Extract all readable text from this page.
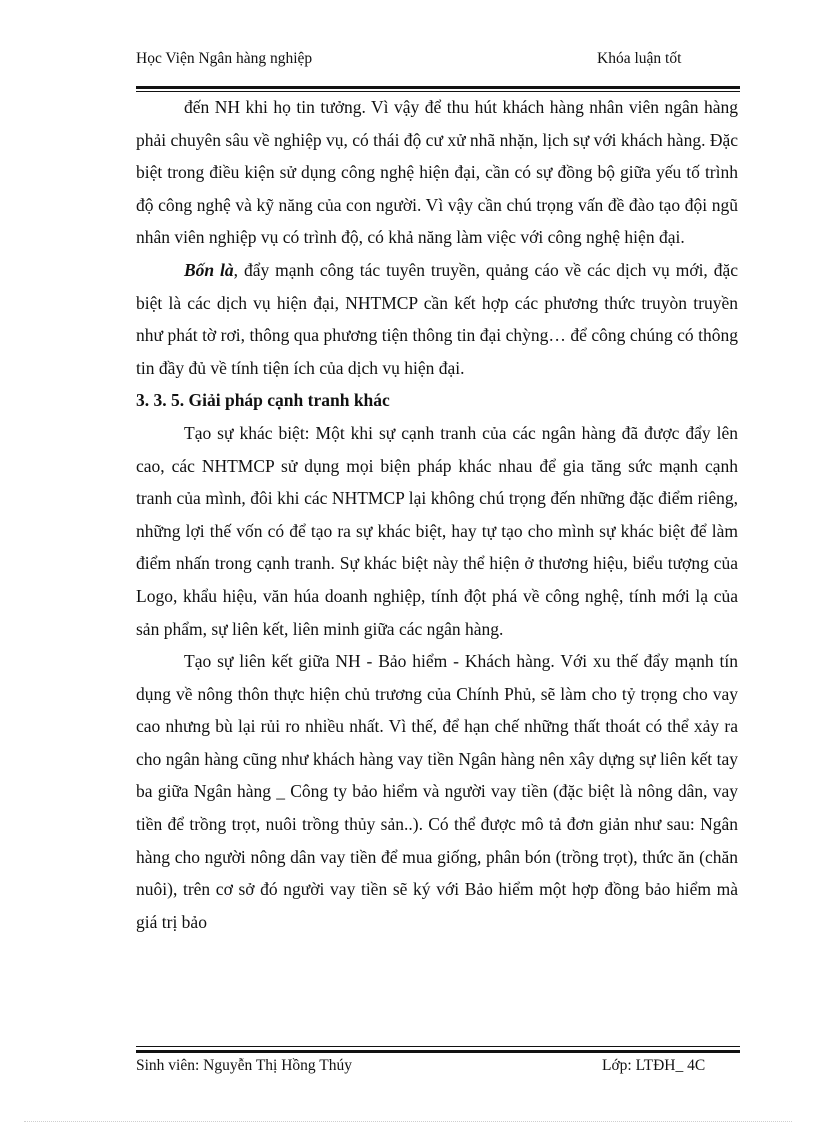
Học Viện Ngân hàng nghiệp	Khóa luận tốt

đến NH khi họ tin tưởng. Vì vậy để thu hút khách hàng nhân viên ngân hàng phải chuyên sâu về nghiệp vụ, có thái độ cư xử nhã nhặn, lịch sự với khách hàng. Đặc biệt trong điều kiện sử dụng công nghệ hiện đại, cần có sự đồng bộ giữa yếu tố trình độ công nghệ và kỹ năng của con người. Vì vậy cần chú trọng vấn đề đào tạo đội ngũ nhân viên nghiệp vụ có trình độ, có khả năng làm việc với công nghệ hiện đại.

Bốn là, đẩy mạnh công tác tuyên truyền, quảng cáo về các dịch vụ mới, đặc biệt là các dịch vụ hiện đại, NHTMCP cần kết hợp các phương thức truyòn truyền như phát tờ rơi, thông qua phương tiện thông tin đại chỳng… để công chúng có thông tin đầy đủ về tính tiện ích của dịch vụ hiện đại.

3. 3. 5. Giải pháp cạnh tranh khác

Tạo sự khác biệt: Một khi sự cạnh tranh của các ngân hàng đã được đẩy lên cao, các NHTMCP sử dụng mọi biện pháp khác nhau để gia tăng sức mạnh cạnh tranh của mình, đôi khi các NHTMCP lại không chú trọng đến những đặc điểm riêng, những lợi thế vốn có để tạo ra sự khác biệt, hay tự tạo cho mình sự khác biệt để làm điểm nhấn trong cạnh tranh. Sự khác biệt này thể hiện ở thương hiệu, biểu tượng của Logo, khẩu hiệu, văn húa doanh nghiệp, tính đột phá về công nghệ, tính mới lạ của sản phẩm, sự liên kết, liên minh giữa các ngân hàng.

Tạo sự liên kết giữa NH - Bảo hiểm - Khách hàng. Với xu thế đẩy mạnh tín dụng về nông thôn thực hiện chủ trương của Chính Phủ, sẽ làm cho tỷ trọng cho vay cao nhưng bù lại rủi ro nhiều nhất. Vì thế, để hạn chế những thất thoát có thể xảy ra cho ngân hàng cũng như khách hàng vay tiền Ngân hàng nên xây dựng sự liên kết tay ba giữa Ngân hàng _ Công ty bảo hiểm và người vay tiền (đặc biệt là nông dân, vay tiền để trồng trọt, nuôi trồng thủy sản..). Có thể được mô tả đơn giản như sau: Ngân hàng cho người nông dân vay tiền để mua giống, phân bón (trồng trọt), thức ăn (chăn nuôi), trên cơ sở đó người vay tiền sẽ ký với Bảo hiểm một hợp đồng bảo hiểm mà giá trị bảo

Sinh viên: Nguyễn Thị Hồng Thúy	Lớp: LTĐH_ 4C
